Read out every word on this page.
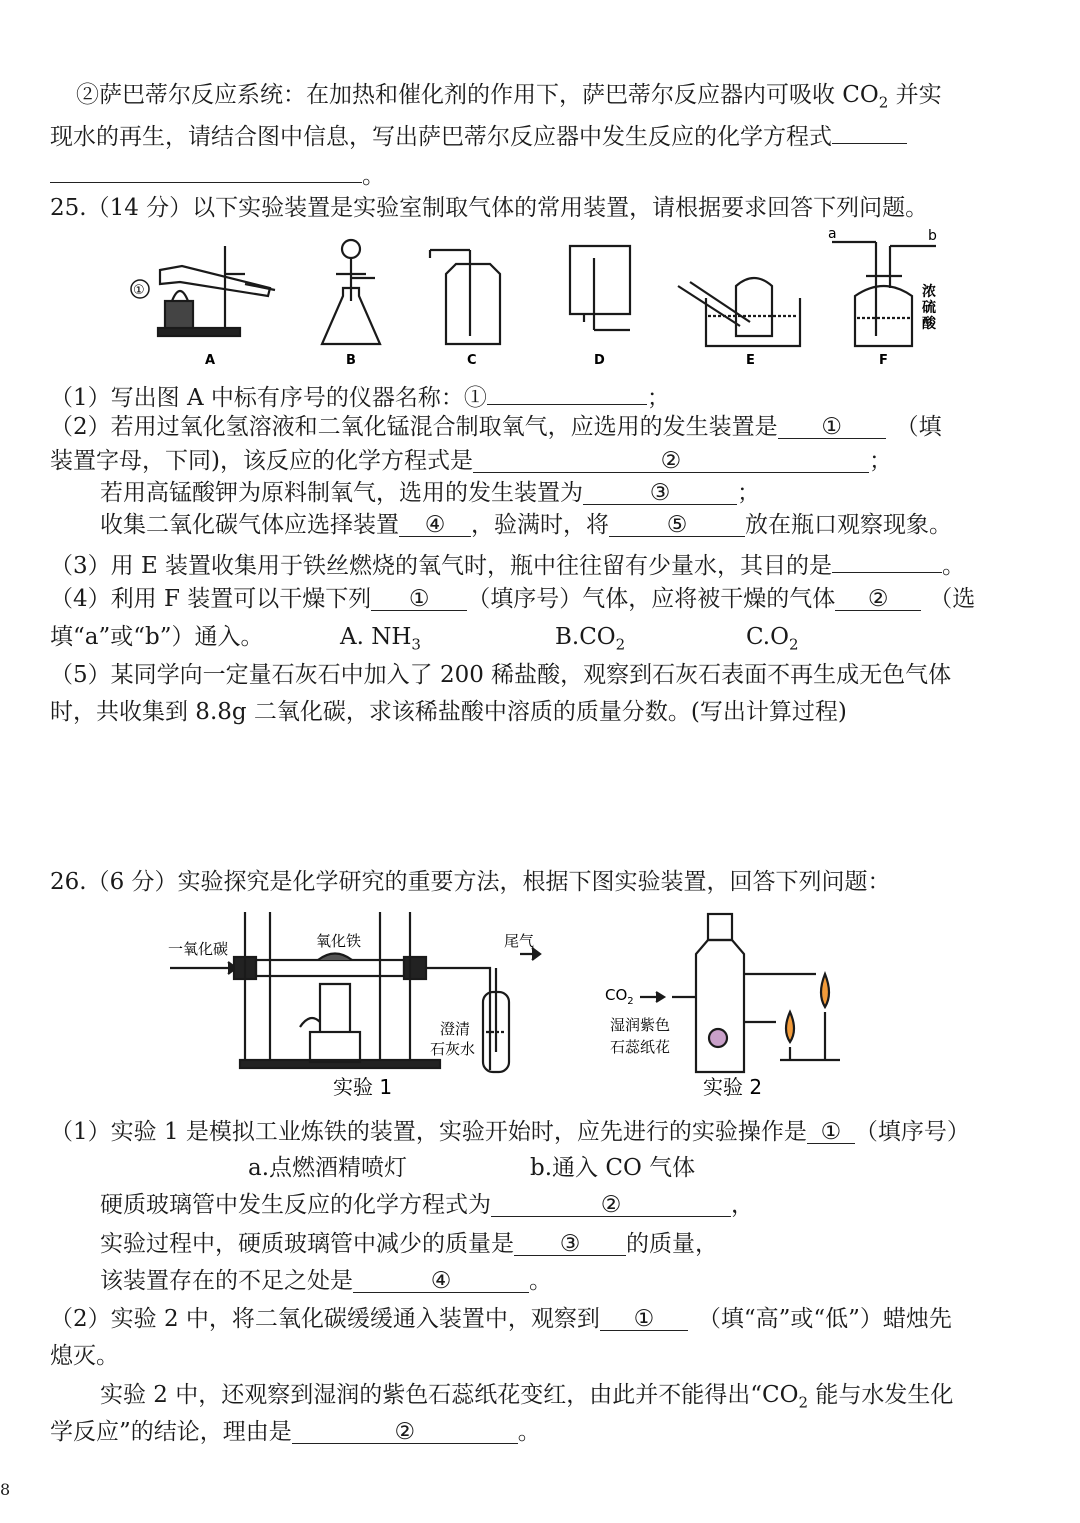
②萨巴蒂尔反应系统：在加热和催化剂的作用下，萨巴蒂尔反应器内可吸收 $CO_2$ 并实
现水的再生，请结合图中信息，写出萨巴蒂尔反应器中发生反应的化学方程式
。
25.（14 分）以下实验装置是实验室制取气体的常用装置，请根据要求回答下列问题。
①
a	b
浓
硫
酸
A	B	C	D	E	F
（1）写出图 A 中标有序号的仪器名称：①	；
（2）若用过氧化氢溶液和二氧化锰混合制取氧气，应选用的发生装置是 ① （填
装置字母，下同)，该反应的化学方程式是	②	；
若用高锰酸钾为原料制氧气，选用的发生装置为	③	；
收集二氧化碳气体应选择装置 ④ ，验满时，将	⑤	放在瓶口观察现象。
（3）用 E 装置收集用于铁丝燃烧的氧气时，瓶中往往留有少量水，其目的是	。
（4）利用 F 装置可以干燥下列 ① （填序号）气体，应将被干燥的气体 ② （选
填“a”或“b”）通入。	A. $NH_3$	$B.CO_2$	$C.O_2$
（5）某同学向一定量石灰石中加入了 200 稀盐酸，观察到石灰石表面不再生成无色气体
时，共收集到 8.8g 二氧化碳，求该稀盐酸中溶质的质量分数。(写出计算过程)
26.（6 分）实验探究是化学研究的重要方法，根据下图实验装置，回答下列问题：
一氧化碳	氧化铁	尾气
澄清
石灰水
实验 1
$CO_2$
湿润紫色
石蕊纸花
实验 2
（1）实验 1 是模拟工业炼铁的装置，实验开始时，应先进行的实验操作是 ① （填序号）
a.点燃酒精喷灯	b.通入 CO 气体
硬质玻璃管中发生反应的化学方程式为	②	，
实验过程中，硬质玻璃管中减少的质量是 ③ 的质量，
该装置存在的不足之处是	④	。
（2）实验 2 中，将二氧化碳缓缓通入装置中，观察到 ① （填“高”或“低”）蜡烛先
熄灭。
实验 2 中，还观察到湿润的紫色石蕊纸花变红，由此并不能得出“$CO_2$ 能与水发生化
学反应”的结论，理由是	②	。
8
